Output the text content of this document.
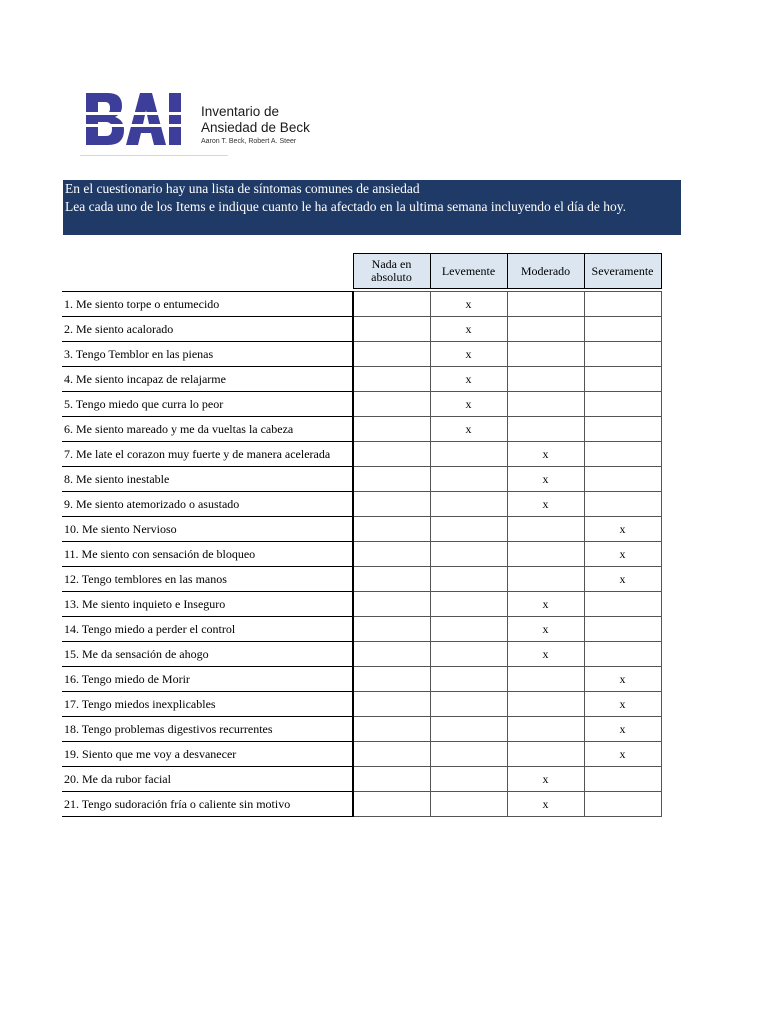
Inventario de
Ansiedad de Beck
Aaron T. Beck, Robert A. Steer
En el cuestionario hay una lista de síntomas comunes de ansiedad
Lea cada uno de los Items e indique cuanto le ha afectado en la ultima semana incluyendo el día de hoy.
	Nada en absoluto	Levemente	Moderado	Severamente

1. Me siento torpe o entumecido		x		
2. Me siento acalorado		x		
3. Tengo Temblor en las pienas		x		
4. Me siento incapaz de relajarme		x		
5. Tengo miedo que curra lo peor		x		
6. Me siento mareado y me da vueltas la cabeza		x		
7. Me late el corazon muy fuerte y de manera acelerada			x	
8. Me siento inestable			x	
9. Me siento atemorizado o asustado			x	
10. Me siento Nervioso				x
11. Me siento con sensación de bloqueo				x
12. Tengo temblores en las manos				x
13. Me siento inquieto e Inseguro			x	
14. Tengo miedo a perder el control			x	
15. Me da sensación de ahogo			x	
16. Tengo miedo de Morir				x
17. Tengo miedos inexplicables				x
18. Tengo problemas digestivos recurrentes				x
19. Siento que me voy a desvanecer				x
20. Me da rubor facial			x	
21. Tengo sudoración fría o caliente sin motivo			x	
